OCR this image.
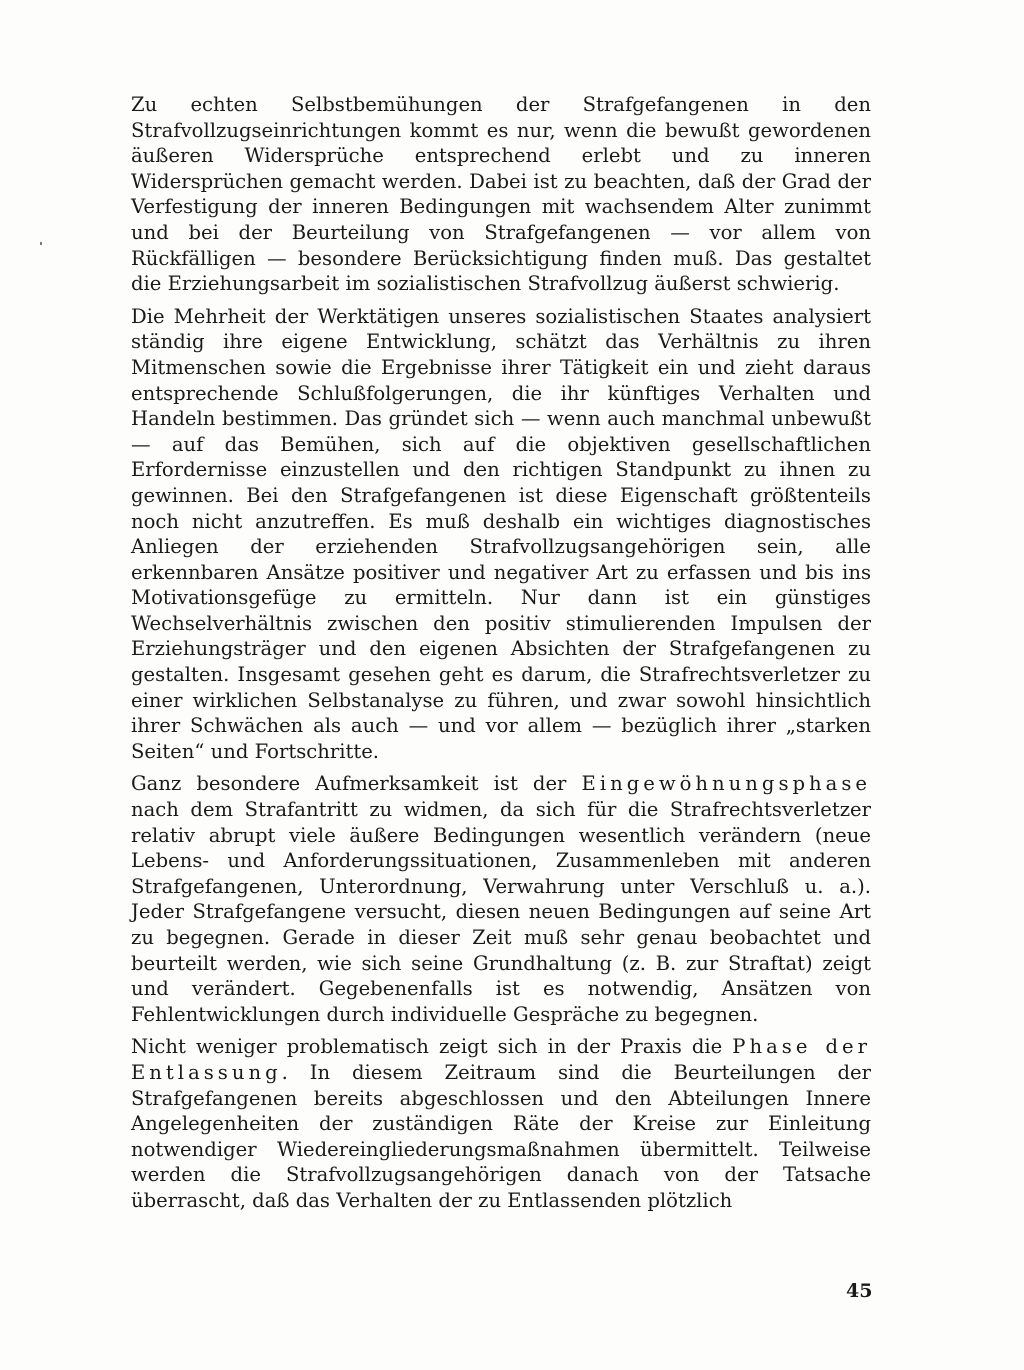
Zu echten Selbstbemühungen der Strafgefangenen in den Strafvollzugseinrichtungen kommt es nur, wenn die bewußt gewordenen äußeren Widersprüche entsprechend erlebt und zu inneren Widersprüchen gemacht werden. Dabei ist zu beachten, daß der Grad der Verfestigung der inneren Bedingungen mit wachsendem Alter zunimmt und bei der Beurteilung von Strafgefangenen — vor allem von Rückfälligen — besondere Berücksichtigung finden muß. Das gestaltet die Erziehungsarbeit im sozialistischen Strafvollzug äußerst schwierig.

Die Mehrheit der Werktätigen unseres sozialistischen Staates analysiert ständig ihre eigene Entwicklung, schätzt das Verhältnis zu ihren Mitmenschen sowie die Ergebnisse ihrer Tätigkeit ein und zieht daraus entsprechende Schlußfolgerungen, die ihr künftiges Verhalten und Handeln bestimmen. Das gründet sich — wenn auch manchmal unbewußt — auf das Bemühen, sich auf die objektiven gesellschaftlichen Erfordernisse einzustellen und den richtigen Standpunkt zu ihnen zu gewinnen. Bei den Strafgefangenen ist diese Eigenschaft größtenteils noch nicht anzutreffen. Es muß deshalb ein wichtiges diagnostisches Anliegen der erziehenden Strafvollzugsangehörigen sein, alle erkennbaren Ansätze positiver und negativer Art zu erfassen und bis ins Motivationsgefüge zu ermitteln. Nur dann ist ein günstiges Wechselverhältnis zwischen den positiv stimulierenden Impulsen der Erziehungsträger und den eigenen Absichten der Strafgefangenen zu gestalten. Insgesamt gesehen geht es darum, die Strafrechtsverletzer zu einer wirklichen Selbstanalyse zu führen, und zwar sowohl hinsichtlich ihrer Schwächen als auch — und vor allem — bezüglich ihrer „starken Seiten“ und Fortschritte.

Ganz besondere Aufmerksamkeit ist der Eingewöhnungsphase nach dem Strafantritt zu widmen, da sich für die Strafrechtsverletzer relativ abrupt viele äußere Bedingungen wesentlich verändern (neue Lebens- und Anforderungssituationen, Zusammenleben mit anderen Strafgefangenen, Unterordnung, Verwahrung unter Verschluß u. a.). Jeder Strafgefangene versucht, diesen neuen Bedingungen auf seine Art zu begegnen. Gerade in dieser Zeit muß sehr genau beobachtet und beurteilt werden, wie sich seine Grundhaltung (z. B. zur Straftat) zeigt und verändert. Gegebenenfalls ist es notwendig, Ansätzen von Fehlentwicklungen durch individuelle Gespräche zu begegnen.

Nicht weniger problematisch zeigt sich in der Praxis die Phase der Entlassung. In diesem Zeitraum sind die Beurteilungen der Strafgefangenen bereits abgeschlossen und den Abteilungen Innere Angelegenheiten der zuständigen Räte der Kreise zur Einleitung notwendiger Wiedereingliederungsmaßnahmen übermittelt. Teilweise werden die Strafvollzugsangehörigen danach von der Tatsache überrascht, daß das Verhalten der zu Entlassenden plötzlich

45
